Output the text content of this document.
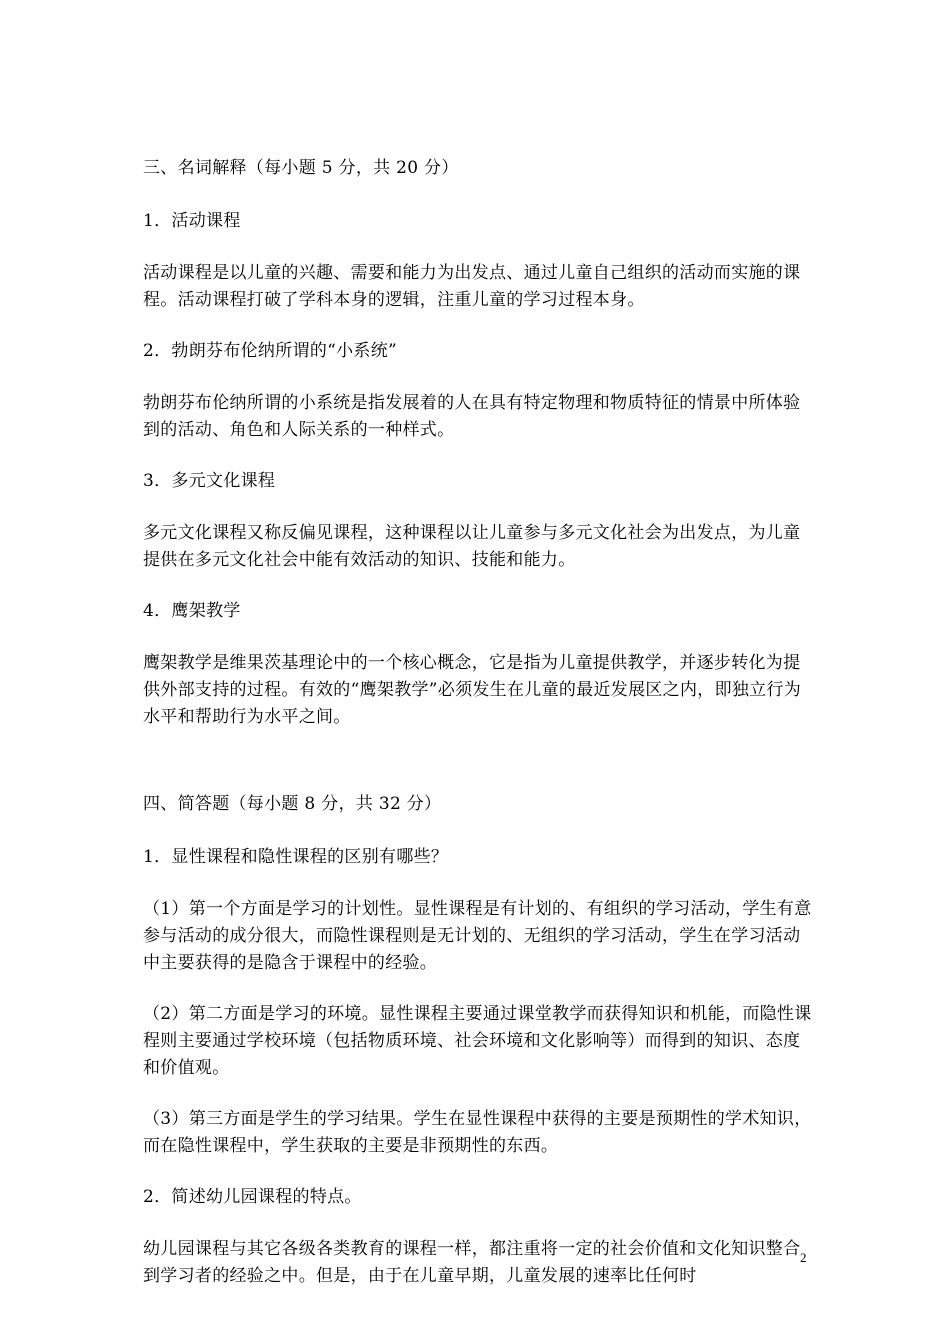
三、名词解释（每小题 5 分，共 20 分）

1．活动课程

活动课程是以儿童的兴趣、需要和能力为出发点、通过儿童自己组织的活动而实施的课程。活动课程打破了学科本身的逻辑，注重儿童的学习过程本身。

2．勃朗芬布伦纳所谓的“小系统”

勃朗芬布伦纳所谓的小系统是指发展着的人在具有特定物理和物质特征的情景中所体验到的活动、角色和人际关系的一种样式。

3．多元文化课程

多元文化课程又称反偏见课程，这种课程以让儿童参与多元文化社会为出发点，为儿童提供在多元文化社会中能有效活动的知识、技能和能力。

4．鹰架教学

鹰架教学是维果茨基理论中的一个核心概念，它是指为儿童提供教学，并逐步转化为提供外部支持的过程。有效的“鹰架教学”必须发生在儿童的最近发展区之内，即独立行为水平和帮助行为水平之间。

四、简答题（每小题 8 分，共 32 分）

1．显性课程和隐性课程的区别有哪些？

（1）第一个方面是学习的计划性。显性课程是有计划的、有组织的学习活动，学生有意参与活动的成分很大，而隐性课程则是无计划的、无组织的学习活动，学生在学习活动中主要获得的是隐含于课程中的经验。

（2）第二方面是学习的环境。显性课程主要通过课堂教学而获得知识和机能，而隐性课程则主要通过学校环境（包括物质环境、社会环境和文化影响等）而得到的知识、态度和价值观。

（3）第三方面是学生的学习结果。学生在显性课程中获得的主要是预期性的学术知识，而在隐性课程中，学生获取的主要是非预期性的东西。

2．简述幼儿园课程的特点。

幼儿园课程与其它各级各类教育的课程一样，都注重将一定的社会价值和文化知识整合到学习者的经验之中。但是，由于在儿童早期，儿童发展的速率比任何时

2
